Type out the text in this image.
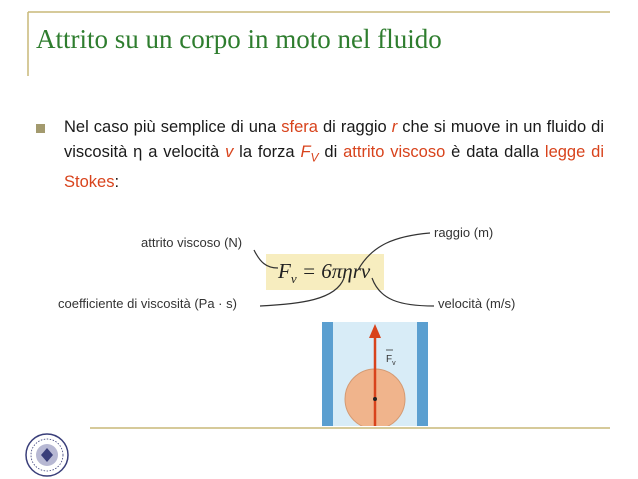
Attrito su un corpo in moto nel fluido
Nel caso più semplice di una sfera di raggio r che si muove in un fluido di viscosità η a velocità v la forza $F_V$ di attrito viscoso è data dalla legge di Stokes:
attrito viscoso (N)
raggio (m)
coefficiente di viscosità (Pa · s)	velocità (m/s)
$F_v = 6\pi\eta rv$
$F_v$
